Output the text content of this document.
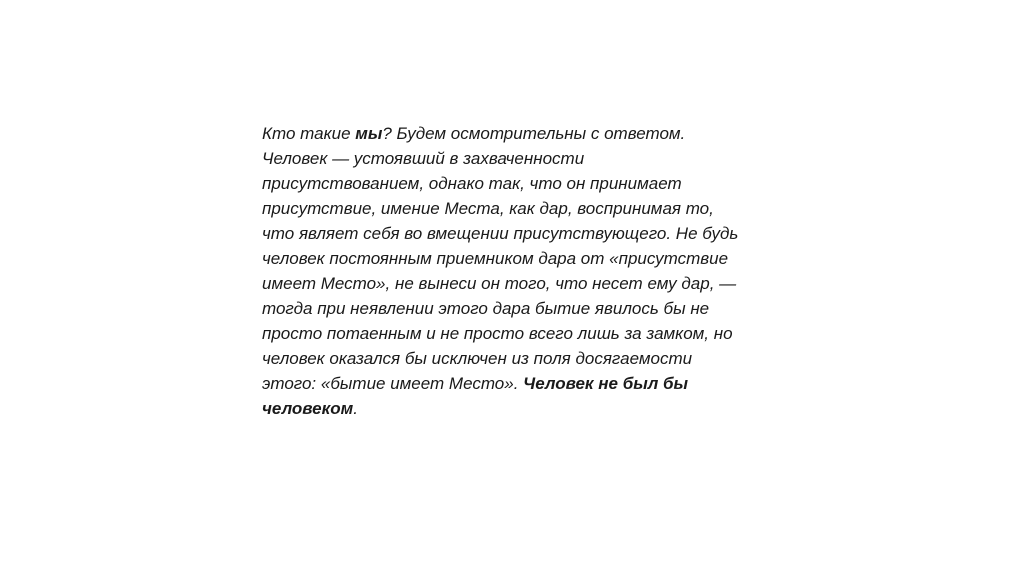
Кто такие мы? Будем осмотрительны с ответом.
Человек — устоявший в захваченности
присутствованием, однако так, что он принимает
присутствие, имение Места, как дар, воспринимая то,
что являет себя во вмещении присутствующего. Не будь
человек постоянным приемником дара от «присутствие
имеет Место», не вынеси он того, что несет ему дар, —
тогда при неявлении этого дара бытие явилось бы не
просто потаенным и не просто всего лишь за замком, но
человек оказался бы исключен из поля досягаемости
этого: «бытие имеет Место». Человек не был бы
человеком.
